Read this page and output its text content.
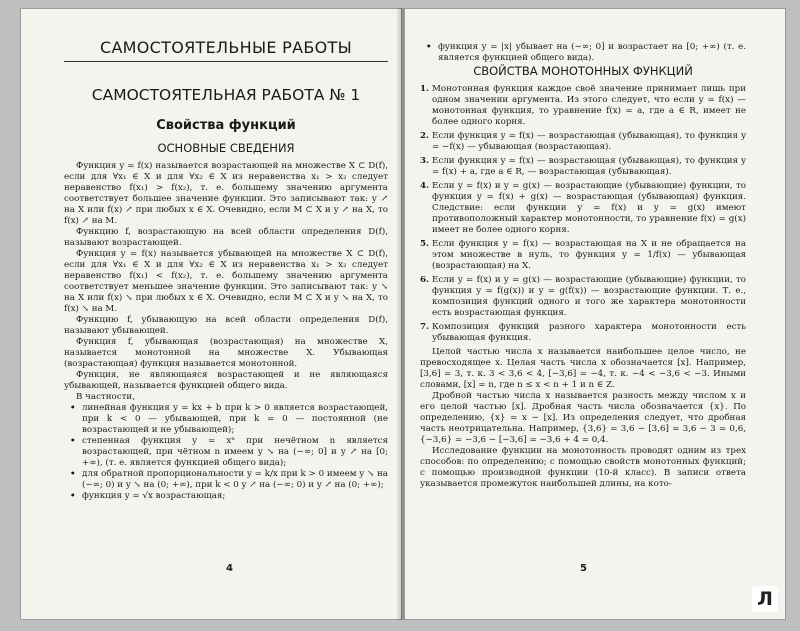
САМОСТОЯТЕЛЬНЫЕ РАБОТЫ
САМОСТОЯТЕЛЬНАЯ РАБОТА № 1
Свойства функций
ОСНОВНЫЕ СВЕДЕНИЯ

Функция y = f(x) называется возрастающей на множестве X ⊂ D(f), если для ∀x₁ ∈ X и для ∀x₂ ∈ X из неравенства x₁ > x₂ следует неравенство f(x₁) > f(x₂), т. е. большему значению аргумента соответствует большее значение функции. Это записывают так: y ↗ на X или f(x) ↗ при любых x ∈ X. Очевидно, если M ⊂ X и y ↗ на X, то f(x) ↗ на M.

Функцию f, возрастающую на всей области определения D(f), называют возрастающей.

Функция y = f(x) называется убывающей на множестве X ⊂ D(f), если для ∀x₁ ∈ X и для ∀x₂ ∈ X из неравенства x₁ > x₂ следует неравенство f(x₁) < f(x₂), т. е. большему значению аргумента соответствует меньшее значение функции. Это записывают так: y ↘ на X или f(x) ↘ при любых x ∈ X. Очевидно, если M ⊂ X и y ↘ на X, то f(x) ↘ на M.

Функцию f, убывающую на всей области определения D(f), называют убывающей.

Функция f, убывающая (возрастающая) на множестве X, называется монотонной на множестве X. Убывающая (возрастающая) функция называется монотонной.

Функция, не являющаяся возрастающей и не являющаяся убывающей, называется функцией общего вида.

В частности,

• линейная функция y = kx + b при k > 0 является возрастающей, при k < 0 — убывающей, при k = 0 — постоянной (не возрастающей и не убывающей);
• степенная функция y = xⁿ при нечётном n является возрастающей, при чётном n имеем y ↘ на (−∞; 0] и y ↗ на [0; +∞), (т. е. является функцией общего вида);
• для обратной пропорциональности y = k/x при k > 0 имеем y ↘ на (−∞; 0) и y ↘ на (0; +∞), при k < 0 y ↗ на (−∞; 0) и y ↗ на (0; +∞);
• функция y = √x возрастающая;
4
• функция y = |x| убывает на (−∞; 0] и возрастает на [0; +∞) (т. е. является функцией общего вида).
СВОЙСТВА МОНОТОННЫХ ФУНКЦИЙ
1. Монотонная функция каждое своё значение принимает лишь при одном значении аргумента. Из этого следует, что если y = f(x) — монотонная функция, то уравнение f(x) = a, где a ∈ R, имеет не более одного корня.
2. Если функция y = f(x) — возрастающая (убывающая), то функция y = −f(x) — убывающая (возрастающая).
3. Если функция y = f(x) — возрастающая (убывающая), то функция y = f(x) + a, где a ∈ R, — возрастающая (убывающая).
4. Если y = f(x) и y = g(x) — возрастающие (убывающие) функции, то функция y = f(x) + g(x) — возрастающая (убывающая) функция. Следствие: если функции y = f(x) и y = g(x) имеют противоположный характер монотонности, то уравнение f(x) = g(x) имеет не более одного корня.
5. Если функция y = f(x) — возрастающая на X и не обращается на этом множестве в нуль, то функция y = 1/f(x) — убывающая (возрастающая) на X.
6. Если y = f(x) и y = g(x) — возрастающие (убывающие) функции, то функция y = f(g(x)) и y = g(f(x)) — возрастающие функции. Т. е., композиция функций одного и того же характера монотонности есть возрастающая функция.
7. Композиция функций разного характера монотонности есть убывающая функция.

Целой частью числа x называется наибольшее целое число, не превосходящее x. Целая часть числа x обозначается [x]. Например, [3,6] = 3, т. к. 3 < 3,6 < 4, [−3,6] = −4, т. к. −4 < −3,6 < −3. Иными словами, [x] = n, где n ≤ x < n + 1 и n ∈ Z.

Дробной частью числа x называется разность между числом x и его целой частью [x]. Дробная часть числа обозначается {x}. По определению, {x} = x − [x]. Из определения следует, что дробная часть неотрицательна. Например, {3,6} = 3,6 − [3,6] = 3,6 − 3 = 0,6, {−3,6} = −3,6 − [−3,6] = −3,6 + 4 = 0,4.

Исследование функции на монотонность проводят одним из трех способов: по определению; с помощью свойств монотонных функций; с помощью производной функции (10-й класс). В записи ответа указывается промежуток наибольшей длины, на кото-

5
Л
